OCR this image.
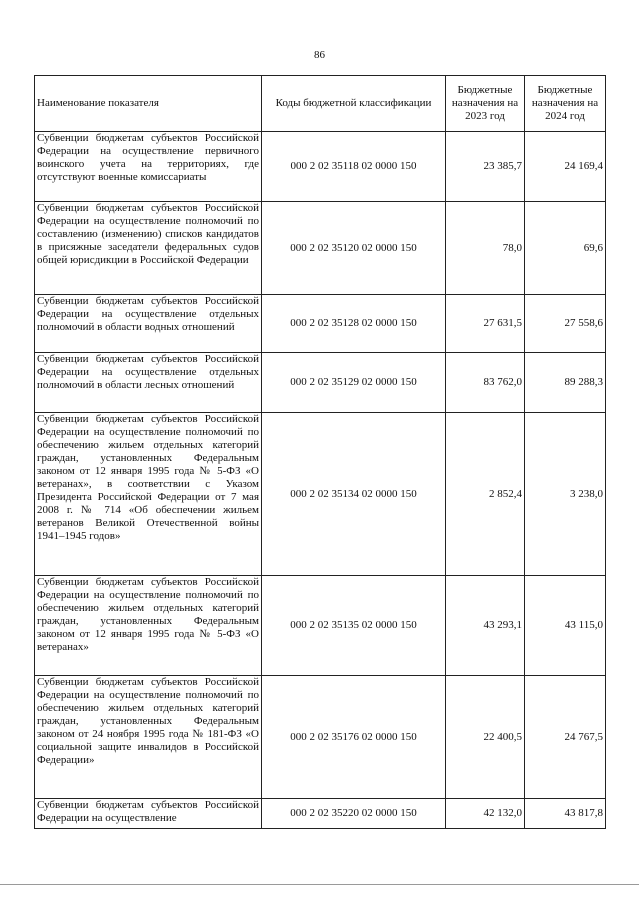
86
Наименование показателя	Коды бюджетной классификации	Бюджетные назначения на 2023 год	Бюджетные назначения на 2024 год
Субвенции бюджетам субъектов Российской Федерации на осуществление первичного воинского учета на территориях, где отсутствуют военные комиссариаты	000 2 02 35118 02 0000 150	23 385,7	24 169,4
Субвенции бюджетам субъектов Российской Федерации на осуществление полномочий по составлению (изменению) списков кандидатов в присяжные заседатели федеральных судов общей юрисдикции в Российской Федерации	000 2 02 35120 02 0000 150	78,0	69,6
Субвенции бюджетам субъектов Российской Федерации на осуществление отдельных полномочий в области водных отношений	000 2 02 35128 02 0000 150	27 631,5	27 558,6
Субвенции бюджетам субъектов Российской Федерации на осуществление отдельных полномочий в области лесных отношений	000 2 02 35129 02 0000 150	83 762,0	89 288,3
Субвенции бюджетам субъектов Российской Федерации на осуществление полномочий по обеспечению жильем отдельных категорий граждан, установленных Федеральным законом от 12 января 1995 года № 5-ФЗ «О ветеранах», в соответствии с Указом Президента Российской Федерации от 7 мая 2008 г. № 714 «Об обеспечении жильем ветеранов Великой Отечественной войны 1941–1945 годов»	000 2 02 35134 02 0000 150	2 852,4	3 238,0
Субвенции бюджетам субъектов Российской Федерации на осуществление полномочий по обеспечению жильем отдельных категорий граждан, установленных Федеральным законом от 12 января 1995 года № 5-ФЗ «О ветеранах»	000 2 02 35135 02 0000 150	43 293,1	43 115,0
Субвенции бюджетам субъектов Российской Федерации на осуществление полномочий по обеспечению жильем отдельных категорий граждан, установленных Федеральным законом от 24 ноября 1995 года № 181-ФЗ «О социальной защите инвалидов в Российской Федерации»	000 2 02 35176 02 0000 150	22 400,5	24 767,5
Субвенции бюджетам субъектов Российской Федерации на осуществление	000 2 02 35220 02 0000 150	42 132,0	43 817,8
